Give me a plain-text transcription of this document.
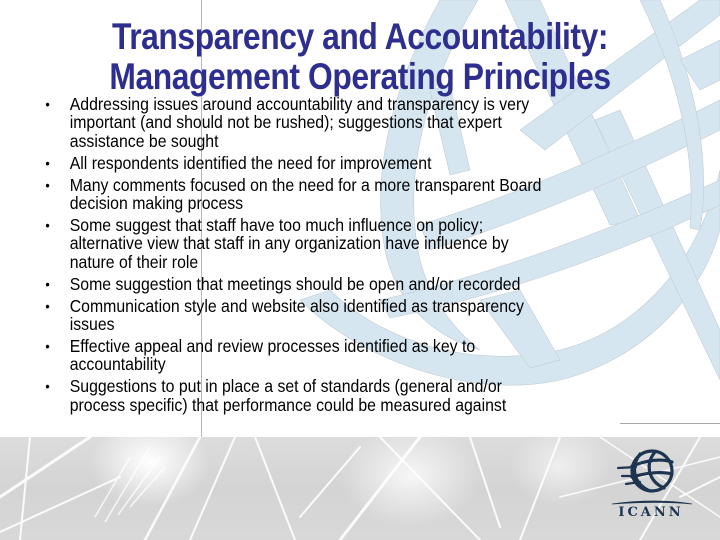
Transparency and Accountability:
Management Operating Principles
• Addressing issues around accountability and transparency is very
important (and should not be rushed); suggestions that expert
assistance be sought
• All respondents identified the need for improvement
• Many comments focused on the need for a more transparent Board
decision making process
• Some suggest that staff have too much influence on policy;
alternative view that staff in any organization have influence by
nature of their role
• Some suggestion that meetings should be open and/or recorded
• Communication style and website also identified as transparency
issues
• Effective appeal and review processes identified as key to
accountability
• Suggestions to put in place a set of standards (general and/or
process specific) that performance could be measured against
ICANN
